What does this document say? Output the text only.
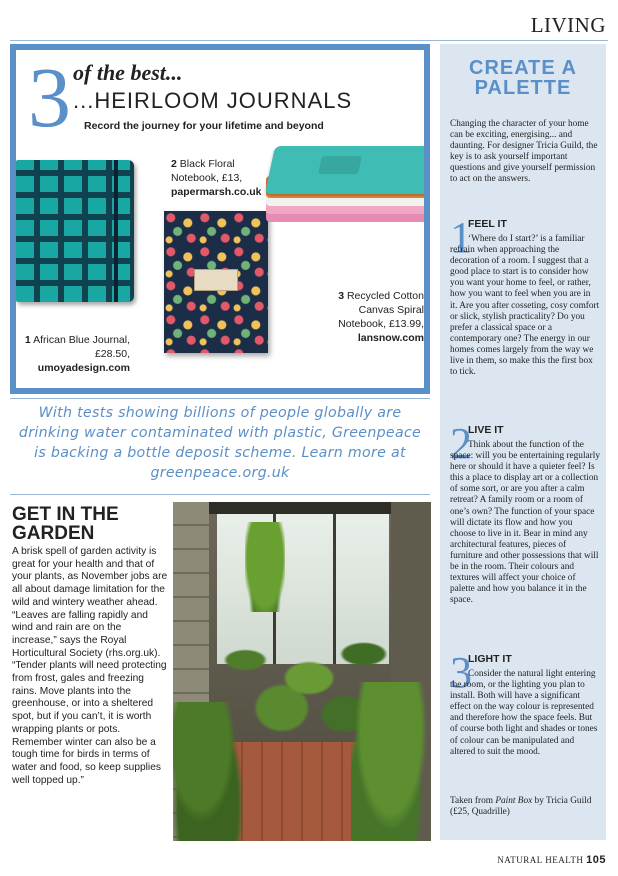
LIVING
3 of the best...
...HEIRLOOM JOURNALS
Record the journey for your lifetime and beyond
1 African Blue Journal, £28.50,
umoyadesign.com
2 Black Floral Notebook, £13,
papermarsh.co.uk
3 Recycled Cotton Canvas Spiral Notebook, £13.99,
lansnow.com
With tests showing billions of people globally are drinking water contaminated with plastic, Greenpeace is backing a bottle deposit scheme. Learn more at greenpeace.org.uk
GET IN THE GARDEN
A brisk spell of garden activity is great for your health and that of your plants, as November jobs are all about damage limitation for the wild and wintery weather ahead. “Leaves are falling rapidly and wind and rain are on the increase,” says the Royal Horticultural Society (rhs.org.uk). “Tender plants will need protecting from frost, gales and freezing rains. Move plants into the greenhouse, or into a sheltered spot, but if you can’t, it is worth wrapping plants or pots. Remember winter can also be a tough time for birds in terms of water and food, so keep supplies well topped up.”
CREATE A PALETTE
Changing the character of your home can be exciting, energising... and daunting. For designer Tricia Guild, the key is to ask yourself important questions and give yourself permission to act on the answers.
1
FEEL IT
‘Where do I start?’ is a familiar refrain when approaching the decoration of a room. I suggest that a good place to start is to consider how you want your home to feel, or rather, how you want to feel when you are in it. Are you after cosseting, cosy comfort or slick, stylish practicality? Do you prefer a classical space or a contemporary one? The energy in our homes comes largely from the way we live in them, so make this the first box to tick.
2
LIVE IT
Think about the function of the space: will you be entertaining regularly here or should it have a quieter feel? Is this a place to display art or a collection of some sort, or are you after a calm retreat? A family room or a room of one’s own? The function of your space will dictate its flow and how you choose to live in it. Bear in mind any architectural features, pieces of furniture and other possessions that will be in the room. Their colours and textures will affect your choice of palette and how you balance it in the space.
3
LIGHT IT
Consider the natural light entering the room, or the lighting you plan to install. Both will have a significant effect on the way colour is represented and therefore how the space feels. But of course both light and shades or tones of colour can be manipulated and altered to suit the mood.
Taken from Paint Box by Tricia Guild (£25, Quadrille)
NATURAL HEALTH 105
